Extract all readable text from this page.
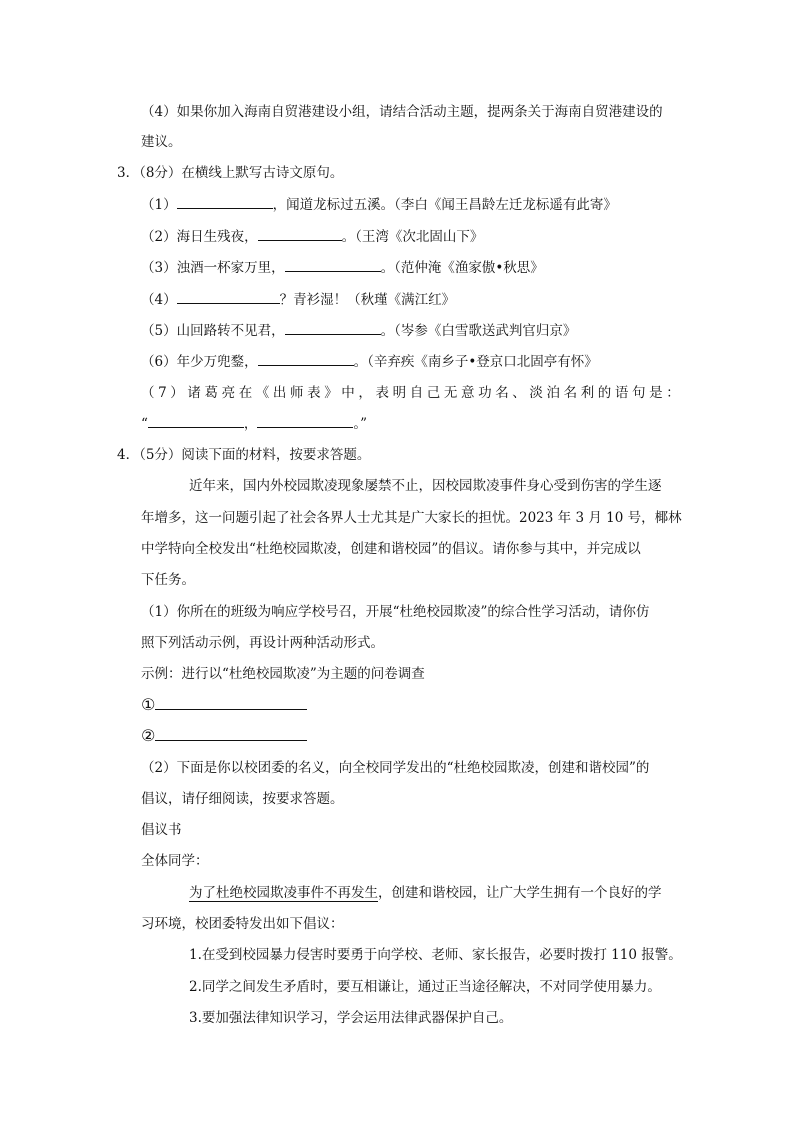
（4）如果你加入海南自贸港建设小组，请结合活动主题，提两条关于海南自贸港建设的
建议。
3．（8分）在横线上默写古诗文原句。
（1）	，闻道龙标过五溪。（李白《闻王昌龄左迁龙标遥有此寄》
（2）海日生残夜，	。（王湾《次北固山下》
（3）浊酒一杯家万里，	。（范仲淹《渔家傲•秋思》
（4）	？青衫湿！（秋瑾《满江红》
（5）山回路转不见君，	。（岑参《白雪歌送武判官归京》
（6）年少万兜鍪，	。（辛弃疾《南乡子•登京口北固亭有怀》
（7）诸葛亮在《出师表》中，表明自己无意功名、淡泊名利的语句是：
“	，	。”
4．（5分）阅读下面的材料，按要求答题。
近年来，国内外校园欺凌现象屡禁不止，因校园欺凌事件身心受到伤害的学生逐
年增多，这一问题引起了社会各界人士尤其是广大家长的担忧。2023 年 3 月 10 号，椰林
中学特向全校发出“杜绝校园欺凌，创建和谐校园”的倡议。请你参与其中，并完成以
下任务。
（1）你所在的班级为响应学校号召，开展“杜绝校园欺凌”的综合性学习活动，请你仿
照下列活动示例，再设计两种活动形式。
示例：进行以“杜绝校园欺凌”为主题的问卷调查
①
②
（2）下面是你以校团委的名义，向全校同学发出的“杜绝校园欺凌，创建和谐校园”的
倡议，请仔细阅读，按要求答题。
倡议书
全体同学：
为了杜绝校园欺凌事件不再发生，创建和谐校园，让广大学生拥有一个良好的学
习环境，校团委特发出如下倡议：
1.在受到校园暴力侵害时要勇于向学校、老师、家长报告，必要时拨打 110 报警。
2.同学之间发生矛盾时，要互相谦让，通过正当途径解决，不对同学使用暴力。
3.要加强法律知识学习，学会运用法律武器保护自己。
